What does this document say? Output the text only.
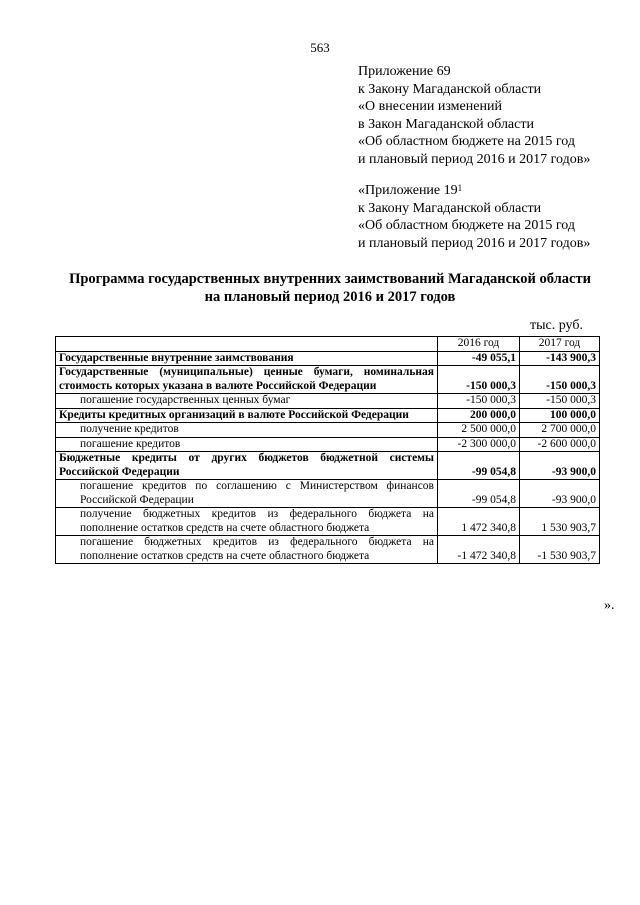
563
Приложение 69
к Закону Магаданской области
«О внесении изменений
в Закон Магаданской области
«Об областном бюджете на 2015 год
и плановый период 2016 и 2017 годов»
«Приложение $19^1$
к Закону Магаданской области
«Об областном бюджете на 2015 год
и плановый период 2016 и 2017 годов»
Программа государственных внутренних заимствований Магаданской области
на плановый период 2016 и 2017 годов
тыс. руб.
	2016 год	2017 год
Государственные внутренние заимствования	-49 055,1	-143 900,3
Государственные (муниципальные) ценные бумаги, номинальная стоимость которых указана в валюте Российской Федерации	-150 000,3	-150 000,3
погашение государственных ценных бумаг	-150 000,3	-150 000,3
Кредиты кредитных организаций в валюте Российской Федерации	200 000,0	100 000,0
получение кредитов	2 500 000,0	2 700 000,0
погашение кредитов	-2 300 000,0	-2 600 000,0
Бюджетные кредиты от других бюджетов бюджетной системы Российской Федерации	-99 054,8	-93 900,0
погашение кредитов по соглашению с Министерством финансов Российской Федерации	-99 054,8	-93 900,0
получение бюджетных кредитов из федерального бюджета на пополнение остатков средств на счете областного бюджета	1 472 340,8	1 530 903,7
погашение бюджетных кредитов из федерального бюджета на пополнение остатков средств на счете областного бюджета	-1 472 340,8	-1 530 903,7
».
